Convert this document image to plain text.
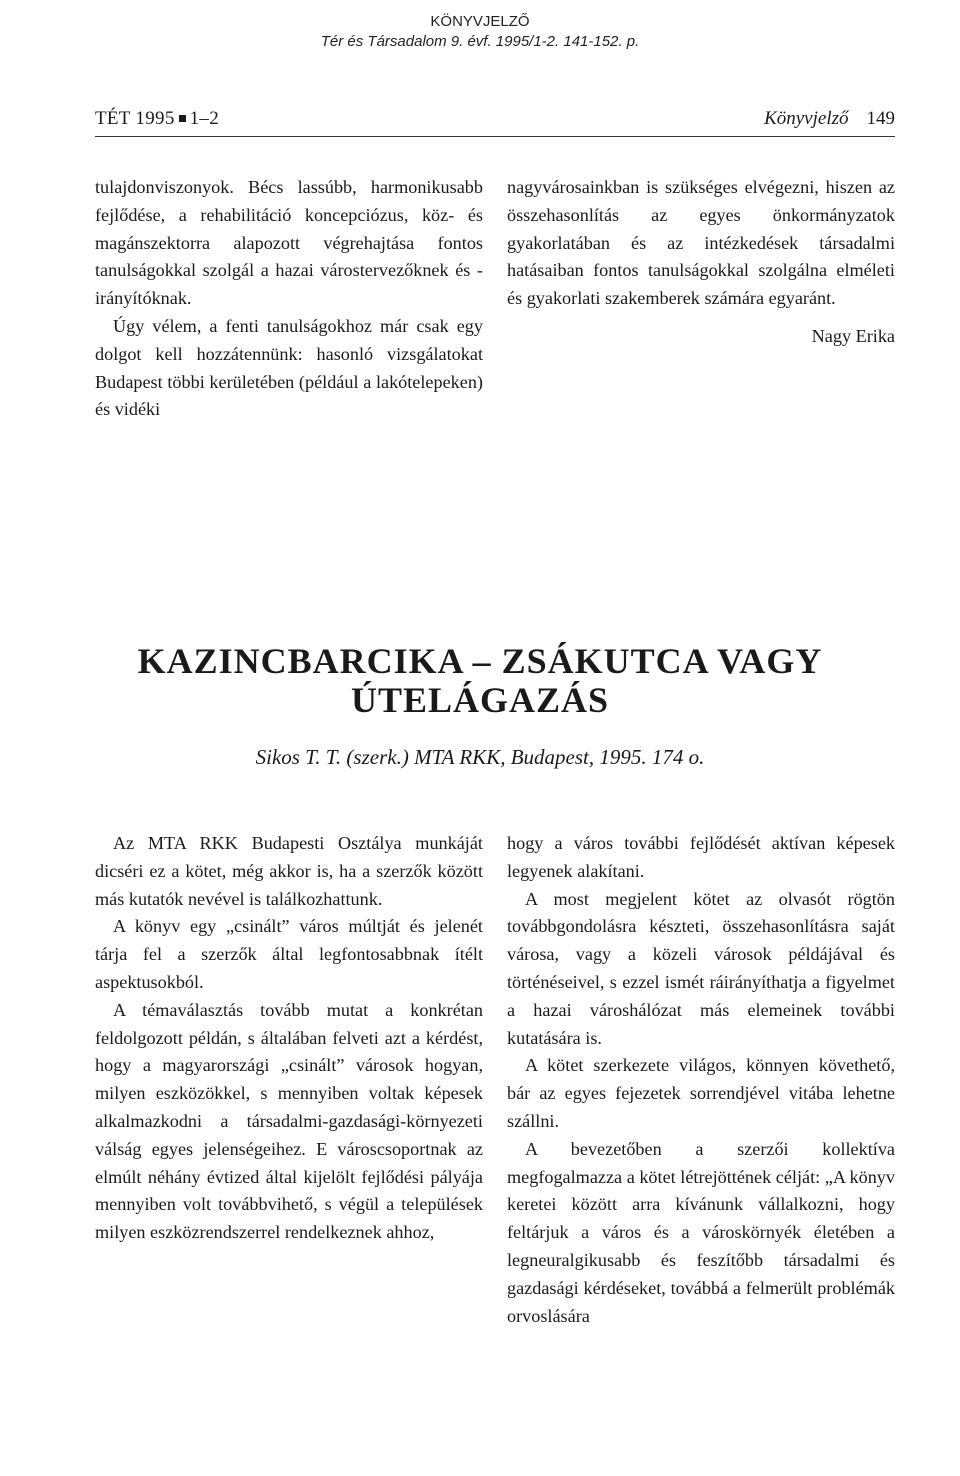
KÖNYVJELZŐ
Tér és Társadalom 9. évf. 1995/1-2. 141-152. p.
TÉT 1995 1–2	Könyvjelző 149

tulajdonviszonyok. Bécs lassúbb, harmonikusabb fejlődése, a rehabilitáció koncepciózus, köz- és magánszektorra alapozott végrehajtása fontos tanulságokkal szolgál a hazai várostervezőknek és -irányítóknak.

Úgy vélem, a fenti tanulságokhoz már csak egy dolgot kell hozzátennünk: hasonló vizsgálatokat Budapest többi kerületében (például a lakótelepeken) és vidéki

nagyvárosainkban is szükséges elvégezni, hiszen az összehasonlítás az egyes önkormányzatok gyakorlatában és az intézkedések társadalmi hatásaiban fontos tanulságokkal szolgálna elméleti és gyakorlati szakemberek számára egyaránt.

Nagy Erika

KAZINCBARCIKA – ZSÁKUTCA VAGY
ÚTELÁGAZÁS
Sikos T. T. (szerk.) MTA RKK, Budapest, 1995. 174 o.

Az MTA RKK Budapesti Osztálya munkáját dicséri ez a kötet, még akkor is, ha a szerzők között más kutatók nevével is találkozhattunk.

A könyv egy „csinált” város múltját és jelenét tárja fel a szerzők által legfontosabbnak ítélt aspektusokból.

A témaválasztás tovább mutat a konkrétan feldolgozott példán, s általában felveti azt a kérdést, hogy a magyarországi „csinált” városok hogyan, milyen eszközökkel, s mennyiben voltak képesek alkalmazkodni a társadalmi-gazdasági-környezeti válság egyes jelenségeihez. E városcsoportnak az elmúlt néhány évtized által kijelölt fejlődési pályája mennyiben volt továbbvihető, s végül a települések milyen eszközrendszerrel rendelkeznek ahhoz,

hogy a város további fejlődését aktívan képesek legyenek alakítani.

A most megjelent kötet az olvasót rögtön továbbgondolásra készteti, összehasonlításra saját városa, vagy a közeli városok példájával és történéseivel, s ezzel ismét ráirányíthatja a figyelmet a hazai városhálózat más elemeinek további kutatására is.

A kötet szerkezete világos, könnyen követhető, bár az egyes fejezetek sorrendjével vitába lehetne szállni.

A bevezetőben a szerzői kollektíva megfogalmazza a kötet létrejöttének célját: „A könyv keretei között arra kívánunk vállalkozni, hogy feltárjuk a város és a városkörnyék életében a legneuralgikusabb és feszítőbb társadalmi és gazdasági kérdéseket, továbbá a felmerült problémák orvoslására
